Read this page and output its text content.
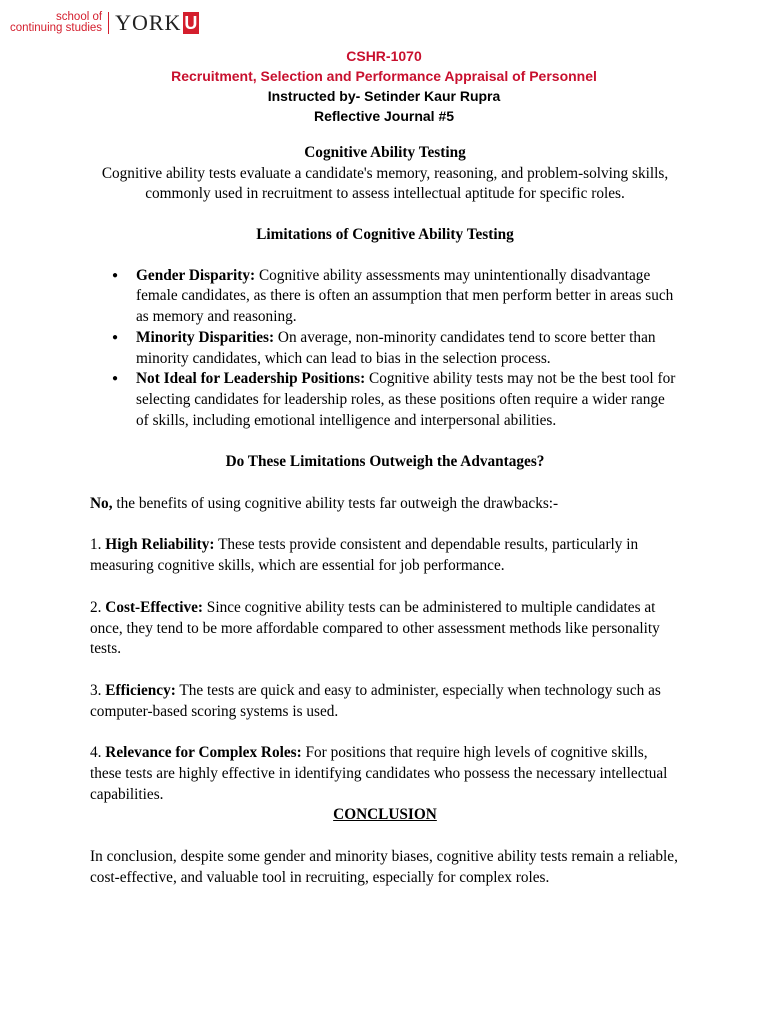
school of
continuing studies YORK U
CSHR-1070
Recruitment, Selection and Performance Appraisal of Personnel
Instructed by- Setinder Kaur Rupra
Reflective Journal #5

Cognitive Ability Testing

Cognitive ability tests evaluate a candidate's memory, reasoning, and problem-solving skills, commonly used in recruitment to assess intellectual aptitude for specific roles.

Limitations of Cognitive Ability Testing

● Gender Disparity: Cognitive ability assessments may unintentionally disadvantage female candidates, as there is often an assumption that men perform better in areas such as memory and reasoning.
● Minority Disparities: On average, non-minority candidates tend to score better than minority candidates, which can lead to bias in the selection process.
● Not Ideal for Leadership Positions: Cognitive ability tests may not be the best tool for selecting candidates for leadership roles, as these positions often require a wider range of skills, including emotional intelligence and interpersonal abilities.

Do These Limitations Outweigh the Advantages?

No, the benefits of using cognitive ability tests far outweigh the drawbacks:-

1. High Reliability: These tests provide consistent and dependable results, particularly in measuring cognitive skills, which are essential for job performance.

2. Cost-Effective: Since cognitive ability tests can be administered to multiple candidates at once, they tend to be more affordable compared to other assessment methods like personality tests.

3. Efficiency: The tests are quick and easy to administer, especially when technology such as computer-based scoring systems is used.

4. Relevance for Complex Roles: For positions that require high levels of cognitive skills, these tests are highly effective in identifying candidates who possess the necessary intellectual capabilities.

CONCLUSION

In conclusion, despite some gender and minority biases, cognitive ability tests remain a reliable, cost-effective, and valuable tool in recruiting, especially for complex roles.
